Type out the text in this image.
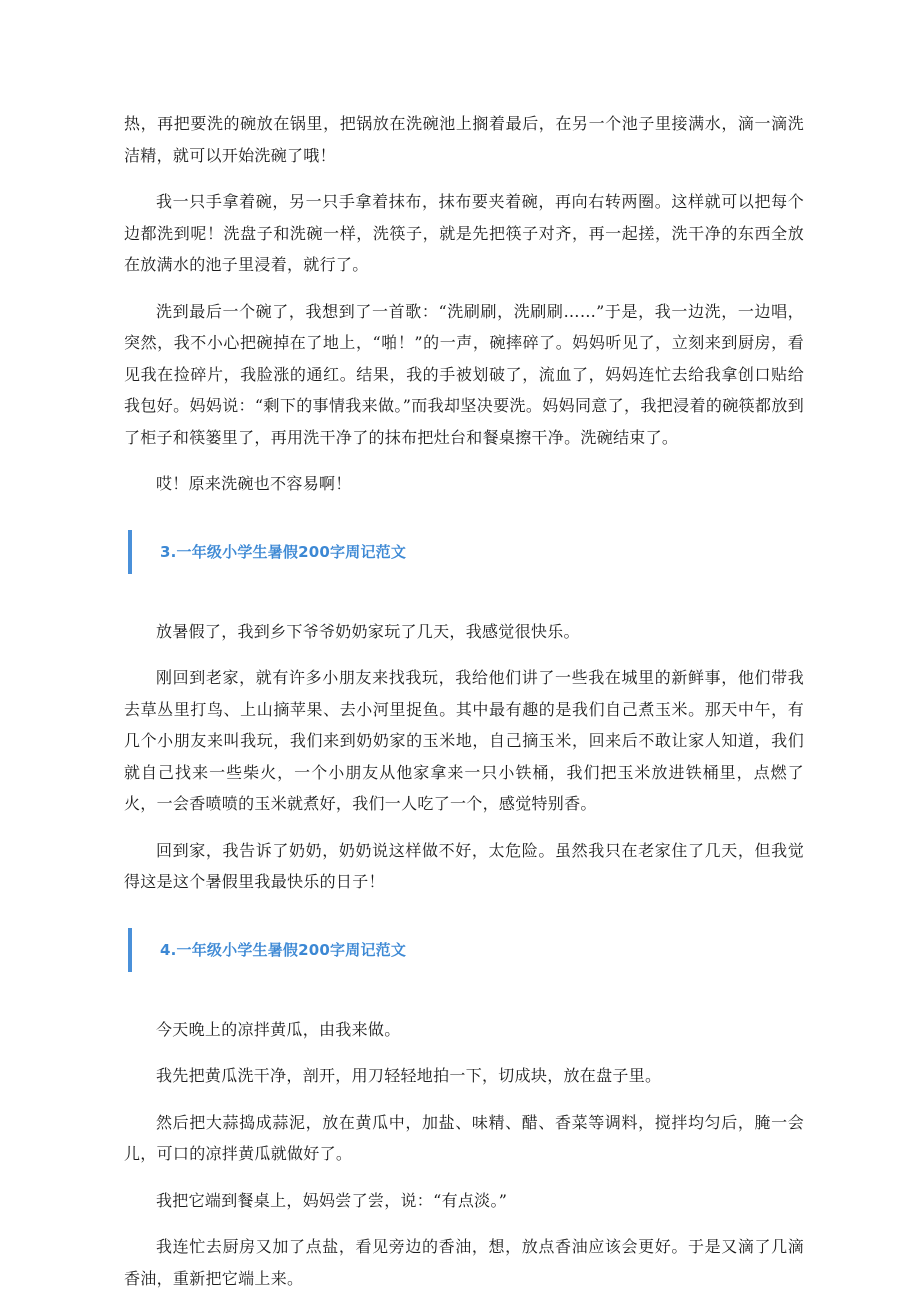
热，再把要洗的碗放在锅里，把锅放在洗碗池上搁着最后，在另一个池子里接满水，滴一滴洗洁精，就可以开始洗碗了哦！

我一只手拿着碗，另一只手拿着抹布，抹布要夹着碗，再向右转两圈。这样就可以把每个边都洗到呢！洗盘子和洗碗一样，洗筷子，就是先把筷子对齐，再一起搓，洗干净的东西全放在放满水的池子里浸着，就行了。

洗到最后一个碗了，我想到了一首歌：“洗刷刷，洗刷刷……”于是，我一边洗，一边唱，突然，我不小心把碗掉在了地上，“啪！”的一声，碗摔碎了。妈妈听见了，立刻来到厨房，看见我在捡碎片，我脸涨的通红。结果，我的手被划破了，流血了，妈妈连忙去给我拿创口贴给我包好。妈妈说：“剩下的事情我来做。”而我却坚决要洗。妈妈同意了，我把浸着的碗筷都放到了柜子和筷篓里了，再用洗干净了的抹布把灶台和餐桌擦干净。洗碗结束了。

哎！原来洗碗也不容易啊！

3.一年级小学生暑假200字周记范文

放暑假了，我到乡下爷爷奶奶家玩了几天，我感觉很快乐。

刚回到老家，就有许多小朋友来找我玩，我给他们讲了一些我在城里的新鲜事，他们带我去草丛里打鸟、上山摘苹果、去小河里捉鱼。其中最有趣的是我们自己煮玉米。那天中午，有几个小朋友来叫我玩，我们来到奶奶家的玉米地，自己摘玉米，回来后不敢让家人知道，我们就自己找来一些柴火，一个小朋友从他家拿来一只小铁桶，我们把玉米放进铁桶里，点燃了火，一会香喷喷的玉米就煮好，我们一人吃了一个，感觉特别香。

回到家，我告诉了奶奶，奶奶说这样做不好，太危险。虽然我只在老家住了几天，但我觉得这是这个暑假里我最快乐的日子！

4.一年级小学生暑假200字周记范文

今天晚上的凉拌黄瓜，由我来做。

我先把黄瓜洗干净，剖开，用刀轻轻地拍一下，切成块，放在盘子里。

然后把大蒜捣成蒜泥，放在黄瓜中，加盐、味精、醋、香菜等调料，搅拌均匀后，腌一会儿，可口的凉拌黄瓜就做好了。

我把它端到餐桌上，妈妈尝了尝，说：“有点淡。”

我连忙去厨房又加了点盐，看见旁边的香油，想，放点香油应该会更好。于是又滴了几滴香油，重新把它端上来。
